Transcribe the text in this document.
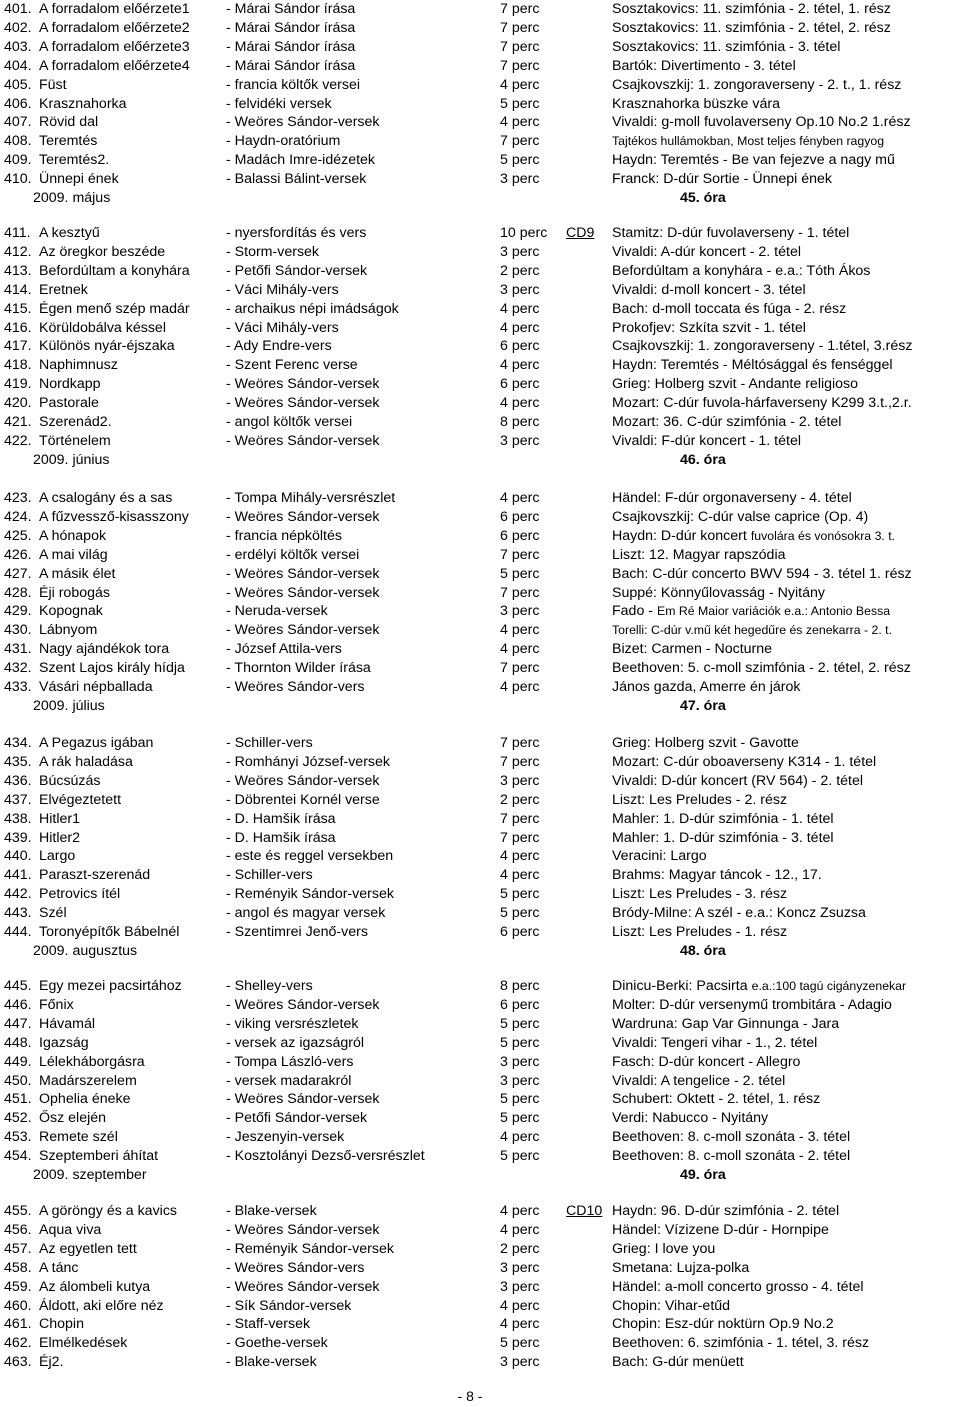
401. A forradalom előérzete1	- Márai Sándor írása	7 perc	Sosztakovics: 11. szimfónia - 2. tétel, 1. rész
402. A forradalom előérzete2	- Márai Sándor írása	7 perc	Sosztakovics: 11. szimfónia - 2. tétel, 2. rész
403. A forradalom előérzete3	- Márai Sándor írása	7 perc	Sosztakovics: 11. szimfónia - 3. tétel
404. A forradalom előérzete4	- Márai Sándor írása	7 perc	Bartók: Divertimento - 3. tétel
405. Füst	- francia költők versei	4 perc	Csajkovszkij: 1. zongoraverseny - 2. t., 1. rész
406. Krasznahorka	- felvidéki versek	5 perc	Krasznahorka büszke vára
407. Rövid dal	- Weöres Sándor-versek	4 perc	Vivaldi: g-moll fuvolaverseny Op.10 No.2 1.rész
408. Teremtés	- Haydn-oratórium	7 perc	Tajtékos hullámokban, Most teljes fényben ragyog
409. Teremtés2.	- Madách Imre-idézetek	5 perc	Haydn: Teremtés - Be van fejezve a nagy mű
410. Ünnepi ének	- Balassi Bálint-versek	3 perc	Franck: D-dúr Sortie - Ünnepi ének
2009. május	45. óra
411. A kesztyű	- nyersfordítás és vers	10 perc	CD9 Stamitz: D-dúr fuvolaverseny - 1. tétel
412. Az öregkor beszéde	- Storm-versek	3 perc	Vivaldi: A-dúr koncert - 2. tétel
413. Befordúltam a konyhára	- Petőfi Sándor-versek	2 perc	Befordúltam a konyhára - e.a.: Tóth Ákos
414. Eretnek	- Váci Mihály-vers	3 perc	Vivaldi: d-moll koncert - 3. tétel
415. Égen menő szép madár	- archaikus népi imádságok	4 perc	Bach: d-moll toccata és fúga - 2. rész
416. Körüldobálva késsel	- Váci Mihály-vers	4 perc	Prokofjev: Szkíta szvit - 1. tétel
417. Különös nyár-éjszaka	- Ady Endre-vers	6 perc	Csajkovszkij: 1. zongoraverseny - 1.tétel, 3.rész
418. Naphimnusz	- Szent Ferenc verse	4 perc	Haydn: Teremtés - Méltósággal és fenséggel
419. Nordkapp	- Weöres Sándor-versek	6 perc	Grieg: Holberg szvit - Andante religioso
420. Pastorale	- Weöres Sándor-versek	4 perc	Mozart: C-dúr fuvola-hárfaverseny K299 3.t.,2.r.
421. Szerenád2.	- angol költők versei	8 perc	Mozart: 36. C-dúr szimfónia - 2. tétel
422. Történelem	- Weöres Sándor-versek	3 perc	Vivaldi: F-dúr koncert - 1. tétel
2009. június	46. óra
423. A csalogány és a sas	- Tompa Mihály-versrészlet	4 perc	Händel: F-dúr orgonaverseny - 4. tétel
424. A fűzvessző-kisasszony	- Weöres Sándor-versek	6 perc	Csajkovszkij: C-dúr valse caprice (Op. 4)
425. A hónapok	- francia népköltés	6 perc	Haydn: D-dúr koncert fuvolára és vonósokra 3. t.
426. A mai világ	- erdélyi költők versei	7 perc	Liszt: 12. Magyar rapszódia
427. A másik élet	- Weöres Sándor-versek	5 perc	Bach: C-dúr concerto BWV 594 - 3. tétel 1. rész
428. Éji robogás	- Weöres Sándor-versek	7 perc	Suppé: Könnyűlovasság - Nyitány
429. Kopognak	- Neruda-versek	3 perc	Fado - Em Ré Maior variációk e.a.: Antonio Bessa
430. Lábnyom	- Weöres Sándor-versek	4 perc	Torelli: C-dúr v.mű két hegedűre és zenekarra - 2. t.
431. Nagy ajándékok tora	- József Attila-vers	4 perc	Bizet: Carmen - Nocturne
432. Szent Lajos király hídja	- Thornton Wilder írása	7 perc	Beethoven: 5. c-moll szimfónia - 2. tétel, 2. rész
433. Vásári népballada	- Weöres Sándor-vers	4 perc	János gazda, Amerre én járok
2009. július	47. óra
434. A Pegazus igában	- Schiller-vers	7 perc	Grieg: Holberg szvit - Gavotte
435. A rák haladása	- Romhányi József-versek	7 perc	Mozart: C-dúr oboaverseny K314 - 1. tétel
436. Búcsúzás	- Weöres Sándor-versek	3 perc	Vivaldi: D-dúr koncert (RV 564) - 2. tétel
437. Elvégeztetett	- Döbrentei Kornél verse	2 perc	Liszt: Les Preludes - 2. rész
438. Hitler1	- D. Hamšik írása	7 perc	Mahler: 1. D-dúr szimfónia - 1. tétel
439. Hitler2	- D. Hamšik írása	7 perc	Mahler: 1. D-dúr szimfónia - 3. tétel
440. Largo	- este és reggel versekben	4 perc	Veracini: Largo
441. Paraszt-szerenád	- Schiller-vers	4 perc	Brahms: Magyar táncok - 12., 17.
442. Petrovics ítél	- Reményik Sándor-versek	5 perc	Liszt: Les Preludes - 3. rész
443. Szél	- angol és magyar versek	5 perc	Bródy-Milne: A szél - e.a.: Koncz Zsuzsa
444. Toronyépítők Bábelnél	- Szentimrei Jenő-vers	6 perc	Liszt: Les Preludes - 1. rész
2009. augusztus	48. óra
445. Egy mezei pacsirtához	- Shelley-vers	8 perc	Dinicu-Berki: Pacsirta e.a.:100 tagú cigányzenekar
446. Főnix	- Weöres Sándor-versek	6 perc	Molter: D-dúr versenymű trombitára - Adagio
447. Hávamál	- viking versrészletek	5 perc	Wardruna: Gap Var Ginnunga - Jara
448. Igazság	- versek az igazságról	5 perc	Vivaldi: Tengeri vihar - 1., 2. tétel
449. Lélekháborgásra	- Tompa László-vers	3 perc	Fasch: D-dúr koncert - Allegro
450. Madárszerelem	- versek madarakról	3 perc	Vivaldi: A tengelice - 2. tétel
451. Ophelia éneke	- Weöres Sándor-versek	5 perc	Schubert: Oktett - 2. tétel, 1. rész
452. Ősz elején	- Petőfi Sándor-versek	5 perc	Verdi: Nabucco - Nyitány
453. Remete szél	- Jeszenyin-versek	4 perc	Beethoven: 8. c-moll szonáta - 3. tétel
454. Szeptemberi áhítat	- Kosztolányi Dezső-versrészlet	5 perc	Beethoven: 8. c-moll szonáta - 2. tétel
2009. szeptember	49. óra
455. A göröngy és a kavics	- Blake-versek	4 perc	CD10 Haydn: 96. D-dúr szimfónia - 2. tétel
456. Aqua viva	- Weöres Sándor-versek	4 perc	Händel: Vízizene D-dúr - Hornpipe
457. Az egyetlen tett	- Reményik Sándor-versek	2 perc	Grieg: I love you
458. A tánc	- Weöres Sándor-vers	3 perc	Smetana: Lujza-polka
459. Az álombeli kutya	- Weöres Sándor-versek	3 perc	Händel: a-moll concerto grosso - 4. tétel
460. Áldott, aki előre néz	- Sík Sándor-versek	4 perc	Chopin: Vihar-etűd
461. Chopin	- Staff-versek	4 perc	Chopin: Esz-dúr noktürn Op.9 No.2
462. Elmélkedések	- Goethe-versek	5 perc	Beethoven: 6. szimfónia - 1. tétel, 3. rész
463. Éj2.	- Blake-versek	3 perc	Bach: G-dúr menüett
- 8 -
